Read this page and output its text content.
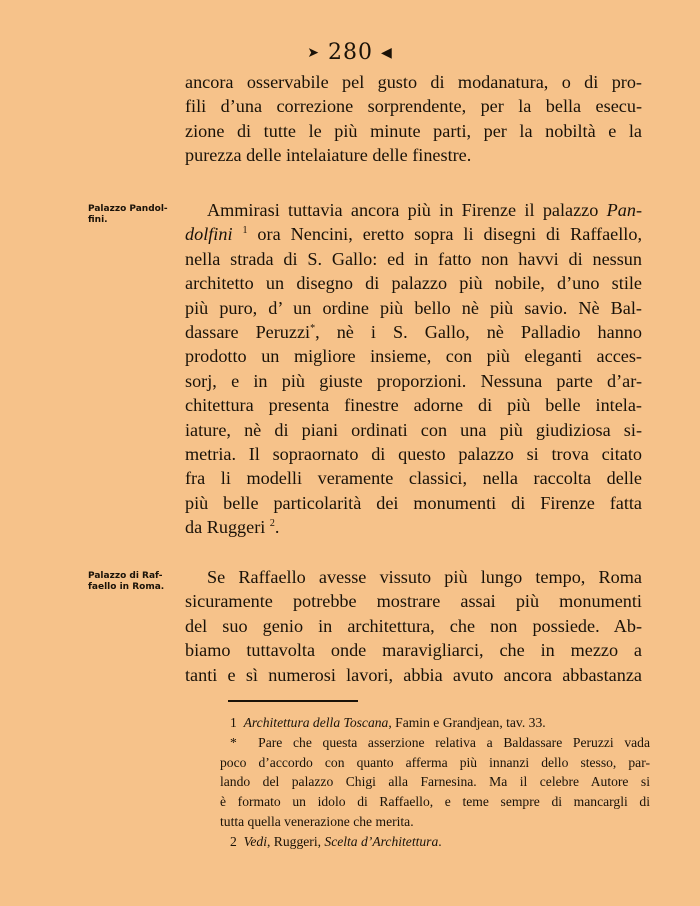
➤ 280 ◀
ancora osservabile pel gusto di modanatura, o di pro-
fili d’una correzione sorprendente, per la bella esecu-
zione di tutte le più minute parti, per la nobiltà e la
purezza delle intelaiature delle finestre.
Palazzo Pandol-
fini.	Ammirasi tuttavia ancora più in Firenze il palazzo Pan-
dolfini $^1$ ora Nencini, eretto sopra li disegni di Raffaello,
nella strada di S. Gallo: ed in fatto non havvi di nessun
architetto un disegno di palazzo più nobile, d’uno stile
più puro, d’ un ordine più bello nè più savio. Nè Bal-
dassare Peruzzi*, nè i S. Gallo, nè Palladio hanno
prodotto un migliore insieme, con più eleganti acces-
sorj, e in più giuste proporzioni. Nessuna parte d’ar-
chitettura presenta finestre adorne di più belle intela-
iature, nè di piani ordinati con una più giudiziosa si-
metria. Il sopraornato di questo palazzo si trova citato
fra li modelli veramente classici, nella raccolta delle
più belle particolarità dei monumenti di Firenze fatta
da Ruggeri $^2$.
Palazzo di Raf-
faello in Roma.	Se Raffaello avesse vissuto più lungo tempo, Roma
sicuramente potrebbe mostrare assai più monumenti
del suo genio in architettura, che non possiede. Ab-
biamo tuttavolta onde maravigliarci, che in mezzo a
tanti e sì numerosi lavori, abbia avuto ancora abbastanza
1 Architettura della Toscana, Famin e Grandjean, tav. 33.
* Pare che questa asserzione relativa a Baldassare Peruzzi vada
poco d’accordo con quanto afferma più innanzi dello stesso, par-
lando del palazzo Chigi alla Farnesina. Ma il celebre Autore si
è formato un idolo di Raffaello, e teme sempre di mancargli di
tutta quella venerazione che merita.
2 Vedi, Ruggeri, Scelta d’Architettura.
